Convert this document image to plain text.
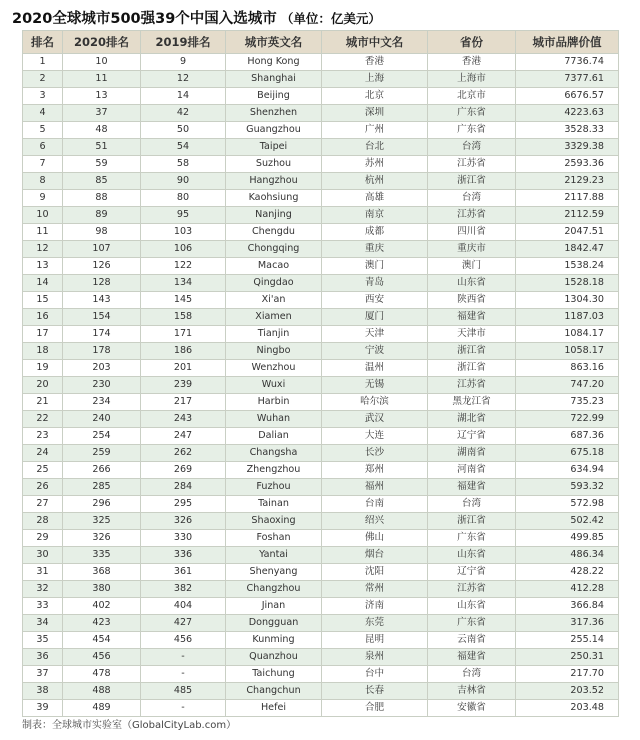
2020全球城市500强39个中国入选城市 （单位：亿美元）
排名	2020排名	2019排名	城市英文名	城市中文名	省份	城市品牌价值
1	10	9	Hong Kong	香港	香港	7736.74
2	11	12	Shanghai	上海	上海市	7377.61
3	13	14	Beijing	北京	北京市	6676.57
4	37	42	Shenzhen	深圳	广东省	4223.63
5	48	50	Guangzhou	广州	广东省	3528.33
6	51	54	Taipei	台北	台湾	3329.38
7	59	58	Suzhou	苏州	江苏省	2593.36
8	85	90	Hangzhou	杭州	浙江省	2129.23
9	88	80	Kaohsiung	高雄	台湾	2117.88
10	89	95	Nanjing	南京	江苏省	2112.59
11	98	103	Chengdu	成都	四川省	2047.51
12	107	106	Chongqing	重庆	重庆市	1842.47
13	126	122	Macao	澳门	澳门	1538.24
14	128	134	Qingdao	青岛	山东省	1528.18
15	143	145	Xi'an	西安	陕西省	1304.30
16	154	158	Xiamen	厦门	福建省	1187.03
17	174	171	Tianjin	天津	天津市	1084.17
18	178	186	Ningbo	宁波	浙江省	1058.17
19	203	201	Wenzhou	温州	浙江省	863.16
20	230	239	Wuxi	无锡	江苏省	747.20
21	234	217	Harbin	哈尔滨	黑龙江省	735.23
22	240	243	Wuhan	武汉	湖北省	722.99
23	254	247	Dalian	大连	辽宁省	687.36
24	259	262	Changsha	长沙	湖南省	675.18
25	266	269	Zhengzhou	郑州	河南省	634.94
26	285	284	Fuzhou	福州	福建省	593.32
27	296	295	Tainan	台南	台湾	572.98
28	325	326	Shaoxing	绍兴	浙江省	502.42
29	326	330	Foshan	佛山	广东省	499.85
30	335	336	Yantai	烟台	山东省	486.34
31	368	361	Shenyang	沈阳	辽宁省	428.22
32	380	382	Changzhou	常州	江苏省	412.28
33	402	404	Jinan	济南	山东省	366.84
34	423	427	Dongguan	东莞	广东省	317.36
35	454	456	Kunming	昆明	云南省	255.14
36	456	-	Quanzhou	泉州	福建省	250.31
37	478	-	Taichung	台中	台湾	217.70
38	488	485	Changchun	长春	吉林省	203.52
39	489	-	Hefei	合肥	安徽省	203.48
制表：全球城市实验室（GlobalCityLab.com）
